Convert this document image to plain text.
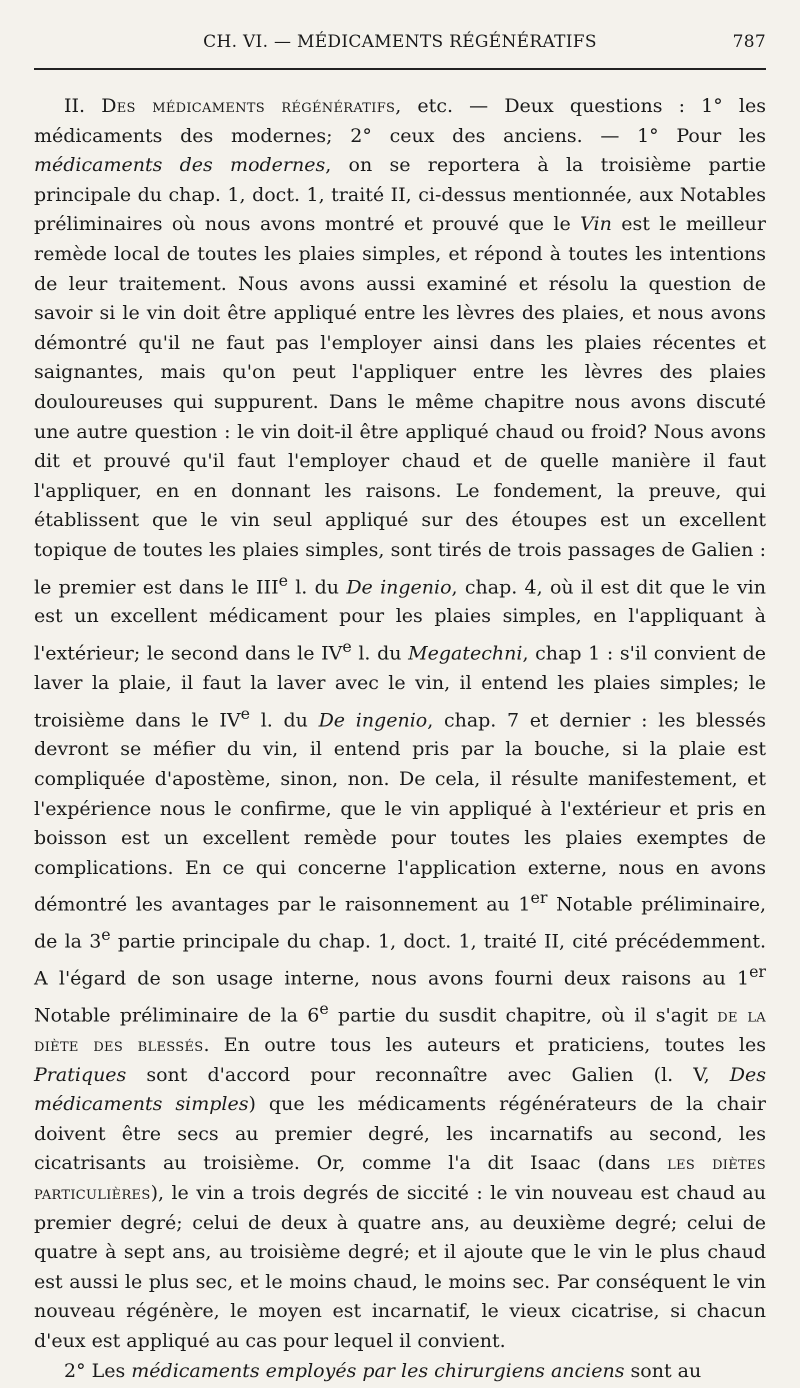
CH. VI. — MÉDICAMENTS RÉGÉNÉRATIFS	787

II. Des médicaments régénératifs, etc. — Deux questions : 1° les médicaments des modernes; 2° ceux des anciens. — 1° Pour les médicaments des modernes, on se reportera à la troisième partie principale du chap. 1, doct. 1, traité II, ci-dessus mentionnée, aux Notables préliminaires où nous avons montré et prouvé que le Vin est le meilleur remède local de toutes les plaies simples, et répond à toutes les intentions de leur traitement. Nous avons aussi examiné et résolu la question de savoir si le vin doit être appliqué entre les lèvres des plaies, et nous avons démontré qu'il ne faut pas l'employer ainsi dans les plaies récentes et saignantes, mais qu'on peut l'appliquer entre les lèvres des plaies douloureuses qui suppurent. Dans le même chapitre nous avons discuté une autre question : le vin doit-il être appliqué chaud ou froid? Nous avons dit et prouvé qu'il faut l'employer chaud et de quelle manière il faut l'appliquer, en en donnant les raisons. Le fondement, la preuve, qui établissent que le vin seul appliqué sur des étoupes est un excellent topique de toutes les plaies simples, sont tirés de trois passages de Galien : le premier est dans le IIIe l. du De ingenio, chap. 4, où il est dit que le vin est un excellent médicament pour les plaies simples, en l'appliquant à l'extérieur; le second dans le IVe l. du Megatechni, chap 1 : s'il convient de laver la plaie, il faut la laver avec le vin, il entend les plaies simples; le troisième dans le IVe l. du De ingenio, chap. 7 et dernier : les blessés devront se méfier du vin, il entend pris par la bouche, si la plaie est compliquée d'apostème, sinon, non. De cela, il résulte manifestement, et l'expérience nous le confirme, que le vin appliqué à l'extérieur et pris en boisson est un excellent remède pour toutes les plaies exemptes de complications. En ce qui concerne l'application externe, nous en avons démontré les avantages par le raisonnement au 1er Notable préliminaire, de la 3e partie principale du chap. 1, doct. 1, traité II, cité précédemment. A l'égard de son usage interne, nous avons fourni deux raisons au 1er Notable préliminaire de la 6e partie du susdit chapitre, où il s'agit de la diète des blessés. En outre tous les auteurs et praticiens, toutes les Pratiques sont d'accord pour reconnaître avec Galien (l. V, Des médicaments simples) que les médicaments régénérateurs de la chair doivent être secs au premier degré, les incarnatifs au second, les cicatrisants au troisième. Or, comme l'a dit Isaac (dans les diètes particulières), le vin a trois degrés de siccité : le vin nouveau est chaud au premier degré; celui de deux à quatre ans, au deuxième degré; celui de quatre à sept ans, au troisième degré; et il ajoute que le vin le plus chaud est aussi le plus sec, et le moins chaud, le moins sec. Par conséquent le vin nouveau régénère, le moyen est incarnatif, le vieux cicatrise, si chacun d'eux est appliqué au cas pour lequel il convient.

2° Les médicaments employés par les chirurgiens anciens sont au
